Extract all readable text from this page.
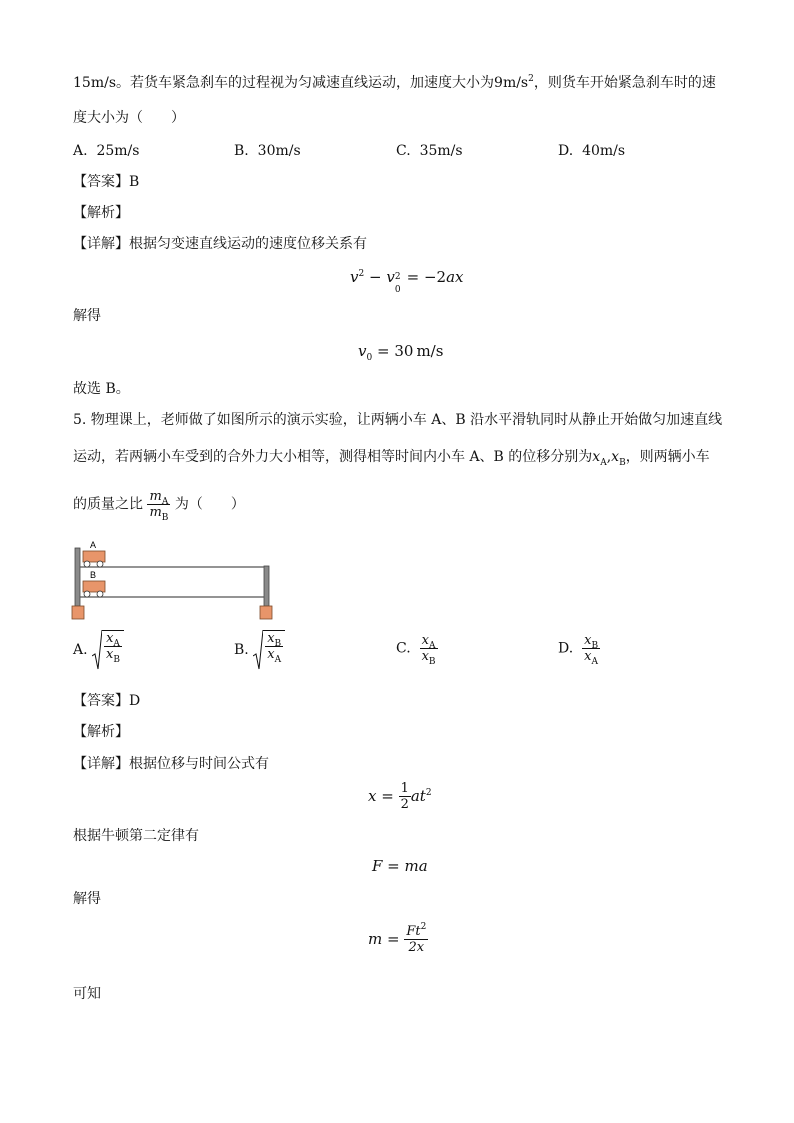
15m/s。若货车紧急刹车的过程视为匀减速直线运动，加速度大小为$9m/s^2$，则货车开始紧急刹车时的速
度大小为（　　）
A. 25m/s	B. 30m/s	C. 35m/s	D. 40m/s
【答案】B
【解析】
【详解】根据匀变速直线运动的速度位移关系有
$v^2 - v$ 2
0
= −2ax
解得
$v_0 = 30$  m/s
故选 B。
5. 物理课上，老师做了如图所示的演示实验，让两辆小车 A、B 沿水平滑轨同时从静止开始做匀加速直线
运动，若两辆小车受到的合外力大小相等，测得相等时间内小车 A、B 的位移分别为$x_A,x_B$，则两辆小车
的质量之比 $\frac{m_A}{m_B}$ 为（　　）
A
B
A. $\frac{x_A}{x_B}$	B. $\frac{x_B}{x_A}$	C. $\frac{x_A}{x_B}$	D. $\frac{x_B}{x_A}$
【答案】D
【解析】
【详解】根据位移与时间公式有
$x = \frac{1}{2} at^2$
根据牛顿第二定律有
F = ma
解得
$m = \frac{Ft^2}{2x}$
可知
